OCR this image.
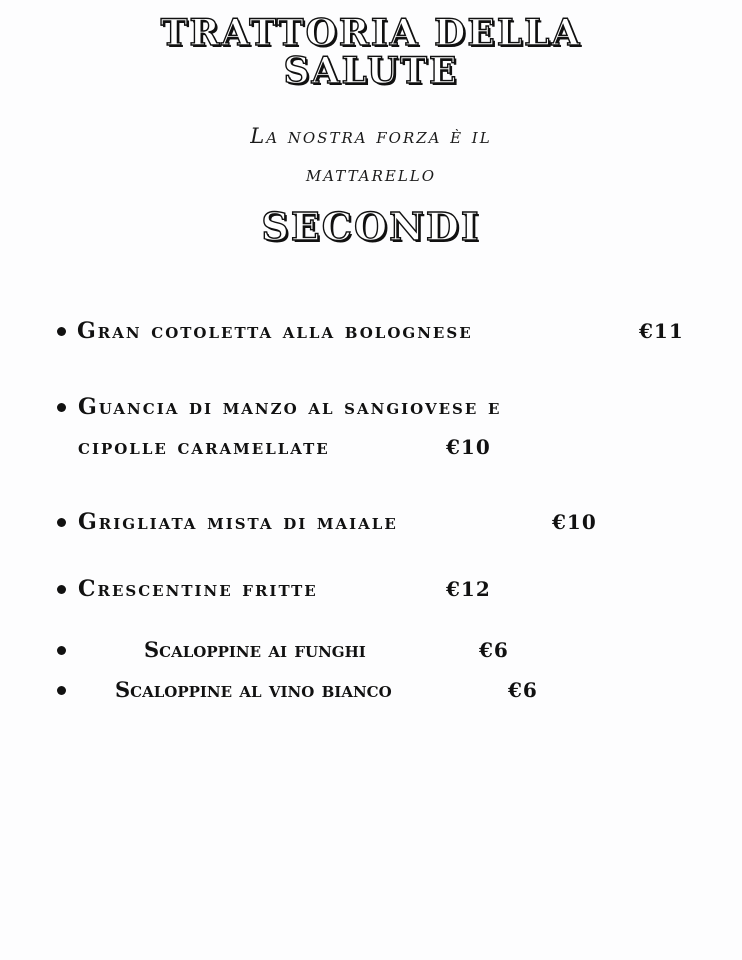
TRATTORIA DELLA
SALUTE
La nostra forza è il
mattarello
SECONDI
Gran cotoletta alla bolognese	€11
Guancia di manzo al sangiovese e
cipolle caramellate	€10
Grigliata mista di maiale	€10
Crescentine fritte	€12
Scaloppine ai funghi	€6
Scaloppine al vino bianco	€6
